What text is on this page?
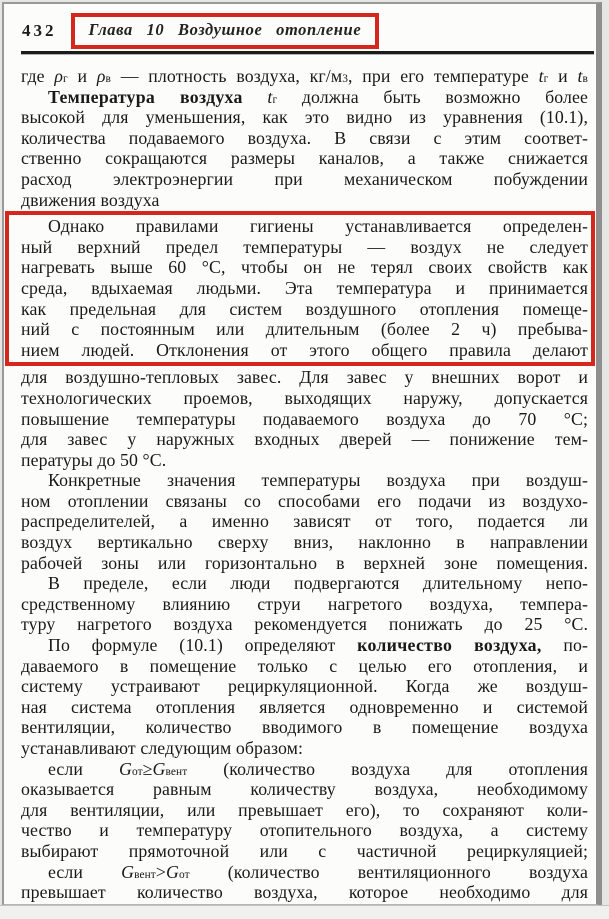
432	Глава 10 Воздушное отопление
где $\rho_г$ и $\rho_в$ — плотность воздуха, $кг/м^3$, при его температуре $t_г$ и $t_в$
Температура воздуха $t_г$ должна быть возможно более
высокой для уменьшения, как это видно из уравнения (10.1),
количества подаваемого воздуха. В связи с этим соответ-
ственно сокращаются размеры каналов, а также снижается
расход электроэнергии при механическом побуждении
движения воздуха
Однако правилами гигиены устанавливается определен-
ный верхний предел температуры — воздух не следует
нагревать выше 60 °С, чтобы он не терял своих свойств как
среда, вдыхаемая людьми. Эта температура и принимается
как предельная для систем воздушного отопления помеще-
ний с постоянным или длительным (более 2 ч) пребыва-
нием людей. Отклонения от этого общего правила делают
для воздушно-тепловых завес. Для завес у внешних ворот и
технологических проемов, выходящих наружу, допускается
повышение температуры подаваемого воздуха до 70 °С;
для завес у наружных входных дверей — понижение тем-
пературы до 50 °С.
Конкретные значения температуры воздуха при воздуш-
ном отоплении связаны со способами его подачи из воздухо-
распределителей, а именно зависят от того, подается ли
воздух вертикально сверху вниз, наклонно в направлении
рабочей зоны или горизонтально в верхней зоне помещения.
В пределе, если люди подвергаются длительному непо-
средственному влиянию струи нагретого воздуха, темпера-
туру нагретого воздуха рекомендуется понижать до 25 °С.
По формуле (10.1) определяют количество воздуха, по-
даваемого в помещение только с целью его отопления, и
систему устраивают рециркуляционной. Когда же воздуш-
ная система отопления является одновременно и системой
вентиляции, количество вводимого в помещение воздуха
устанавливают следующим образом:
если $G_{от}\ge G_{вент}$ (количество воздуха для отопления
оказывается равным количеству воздуха, необходимому
для вентиляции, или превышает его), то сохраняют коли-
чество и температуру отопительного воздуха, а систему
выбирают прямоточной или с частичной рециркуляцией;
если $G_{вент}>G_{от}$ (количество вентиляционного воздуха
превышает количество воздуха, которое необходимо для
